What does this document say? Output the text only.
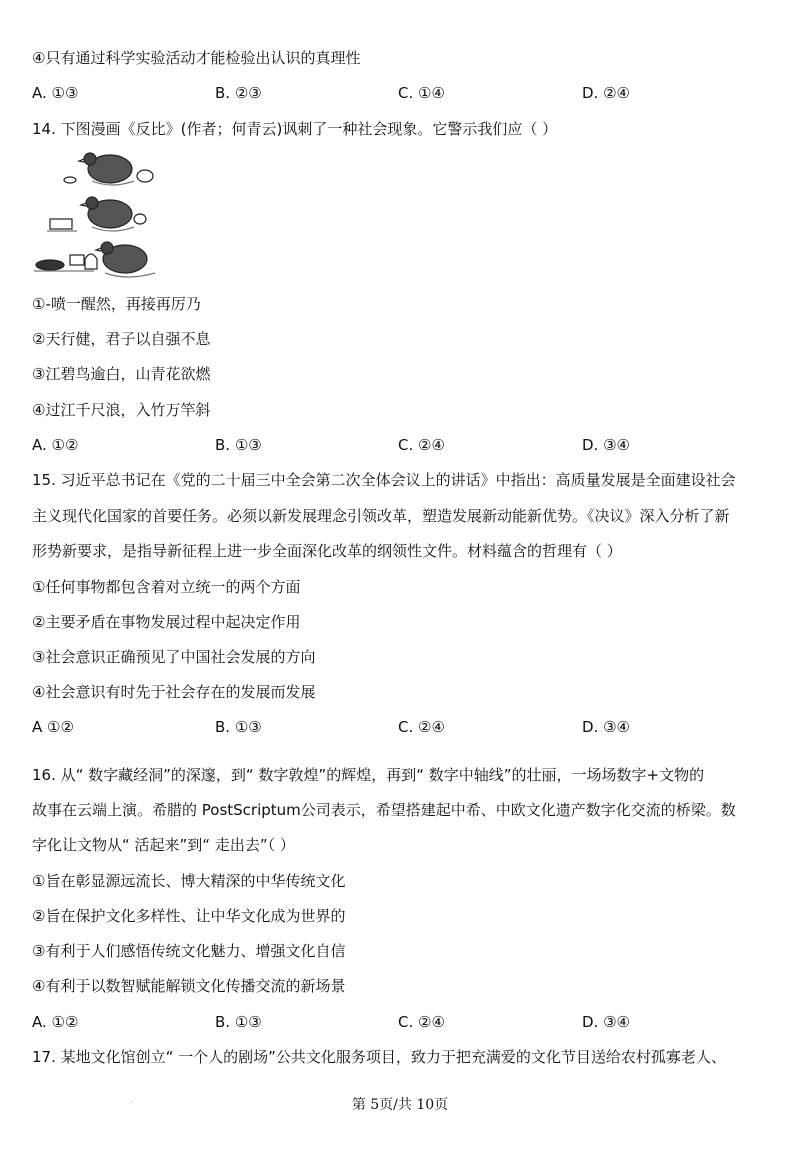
④只有通过科学实验活动才能检验出认识的真理性
A. ①③	B. ②③	C. ①④	D. ②④
14. 下图漫画《反比》(作者；何青云)讽刺了一种社会现象。它警示我们应（ ）
①-喷一醒然，再接再厉乃
②天行健，君子以自强不息
③江碧鸟逾白，山青花欲燃
④过江千尺浪，入竹万竿斜
A. ①②	B. ①③	C. ②④	D. ③④
15. 习近平总书记在《党的二十届三中全会第二次全体会议上的讲话》中指出：高质量发展是全面建设社会
主义现代化国家的首要任务。必须以新发展理念引领改革，塑造发展新动能新优势。《决议》深入分析了新
形势新要求，是指导新征程上进一步全面深化改革的纲领性文件。材料蕴含的哲理有（ ）
①任何事物都包含着对立统一的两个方面
②主要矛盾在事物发展过程中起决定作用
③社会意识正确预见了中国社会发展的方向
④社会意识有时先于社会存在的发展而发展
A ①②	B. ①③	C. ②④	D. ③④
16. 从“ 数字藏经洞”的深邃，到“ 数字敦煌”的辉煌，再到“ 数字中轴线”的壮丽，一场场数字+文物的
故事在云端上演。希腊的 PostScriptum公司表示，希望搭建起中希、中欧文化遗产数字化交流的桥梁。数
字化让文物从“ 活起来”到“ 走出去”（ ）
①旨在彰显源远流长、博大精深的中华传统文化
②旨在保护文化多样性、让中华文化成为世界的
③有利于人们感悟传统文化魅力、增强文化自信
④有利于以数智赋能解锁文化传播交流的新场景
A. ①②	B. ①③	C. ②④	D. ③④
17. 某地文化馆创立“ 一个人的剧场”公共文化服务项目，致力于把充满爱的文化节目送给农村孤寡老人、
·	第 5页/共 10页
